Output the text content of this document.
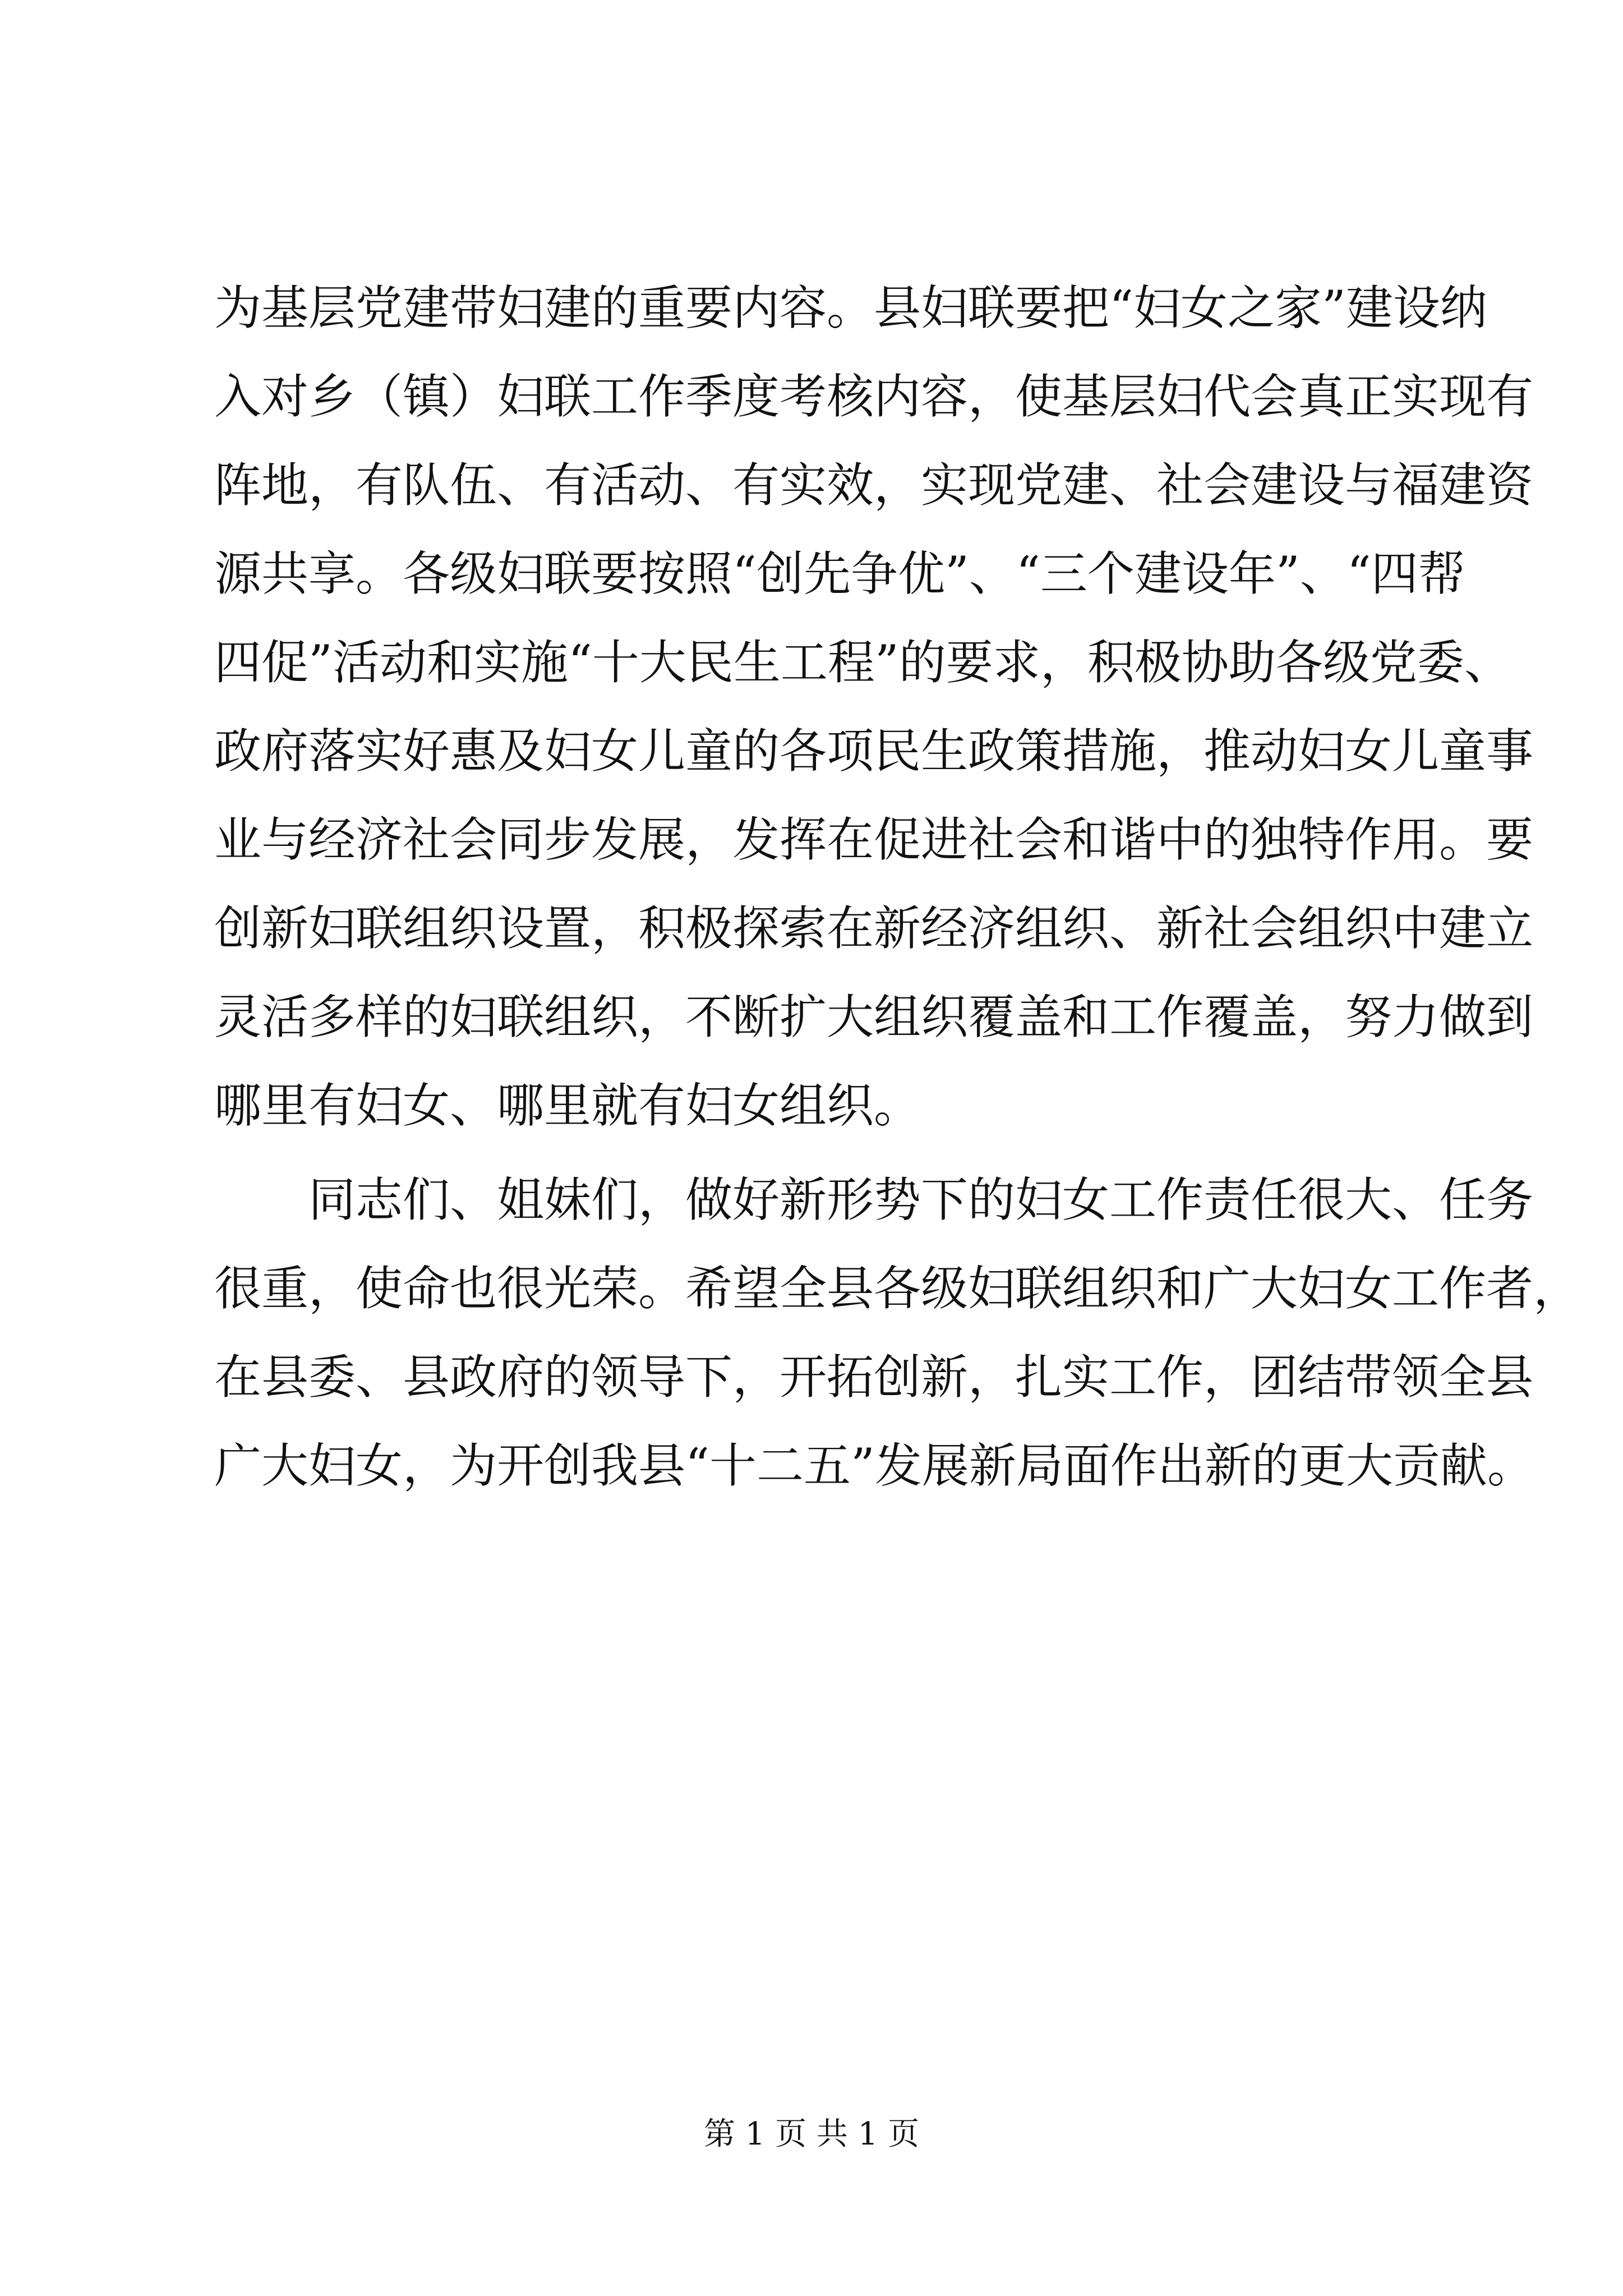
为基层党建带妇建的重要内容。县妇联要把“妇女之家”建设纳
入对乡（镇）妇联工作季度考核内容，使基层妇代会真正实现有
阵地，有队伍、有活动、有实效，实现党建、社会建设与福建资
源共享。各级妇联要按照“创先争优”、“三个建设年”、“四帮
四促”活动和实施“十大民生工程”的要求，积极协助各级党委、
政府落实好惠及妇女儿童的各项民生政策措施，推动妇女儿童事
业与经济社会同步发展，发挥在促进社会和谐中的独特作用。要
创新妇联组织设置，积极探索在新经济组织、新社会组织中建立
灵活多样的妇联组织，不断扩大组织覆盖和工作覆盖，努力做到
哪里有妇女、哪里就有妇女组织。
同志们、姐妹们，做好新形势下的妇女工作责任很大、任务
很重，使命也很光荣。希望全县各级妇联组织和广大妇女工作者，
在县委、县政府的领导下，开拓创新，扎实工作，团结带领全县
广大妇女，为开创我县“十二五”发展新局面作出新的更大贡献。
第 1 页 共 1 页
